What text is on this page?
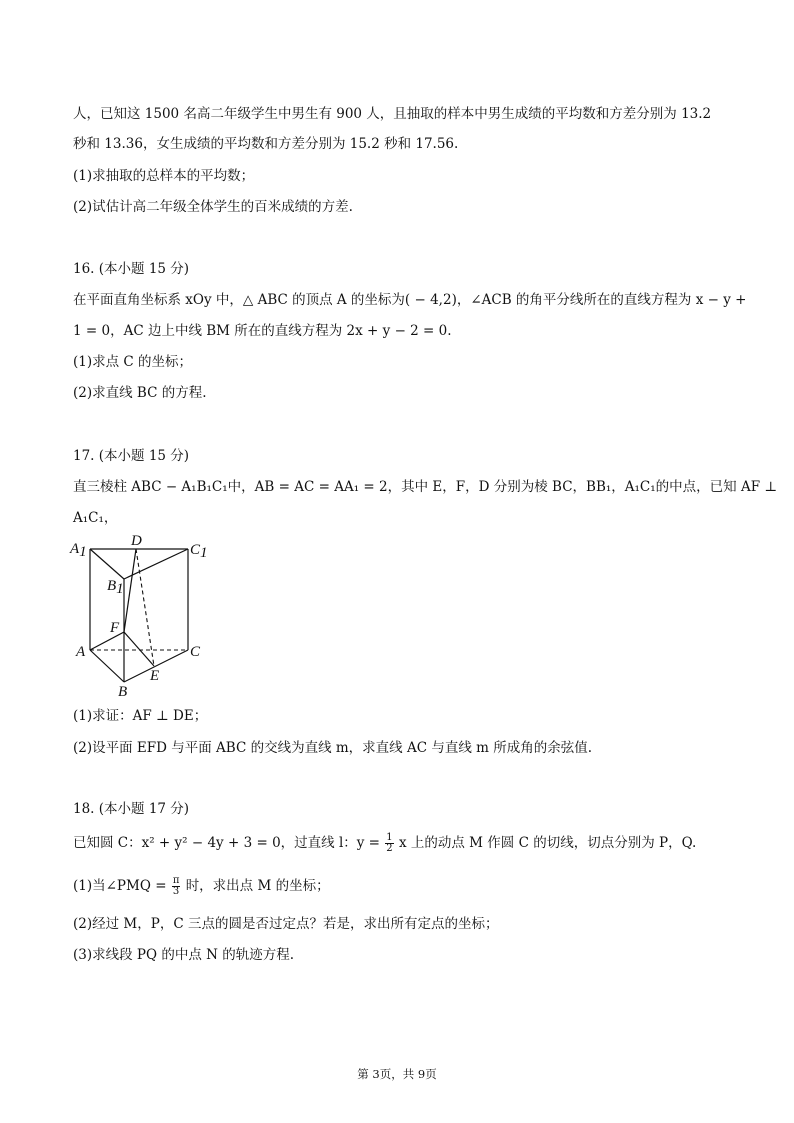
人，已知这 1500 名高二年级学生中男生有 900 人，且抽取的样本中男生成绩的平均数和方差分别为 13.2
秒和 13.36，女生成绩的平均数和方差分别为 15.2 秒和 17.56.
(1)求抽取的总样本的平均数；
(2)试估计高二年级全体学生的百米成绩的方差.
16. (本小题 15 分)
在平面直角坐标系 xOy 中，△ ABC 的顶点 A 的坐标为( − 4,2)，∠ACB 的角平分线所在的直线方程为 x − y +
1 = 0，AC 边上中线 BM 所在的直线方程为 2x + y − 2 = 0.
(1)求点 C 的坐标；
(2)求直线 BC 的方程.
17. (本小题 15 分)
直三棱柱 ABC − A₁B₁C₁中，AB = AC = AA₁ = 2，其中 E，F，D 分别为棱 BC，BB₁，A₁C₁的中点，已知 AF ⊥
A₁C₁，
A1
D
C1
B1
F
A	C
E
B
(1)求证：AF ⊥ DE；
(2)设平面 EFD 与平面 ABC 的交线为直线 m，求直线 AC 与直线 m 所成角的余弦值.
18. (本小题 17 分)
已知圆 C：x² + y² − 4y + 3 = 0，过直线 l：$y = \frac{1}{2}$ x 上的动点 M 作圆 C 的切线，切点分别为 P，Q.
(1)当∠PMQ = $\frac{\pi}{3}$ 时，求出点 M 的坐标；
(2)经过 M，P，C 三点的圆是否过定点？若是，求出所有定点的坐标；
(3)求线段 PQ 的中点 N 的轨迹方程.
第 3页，共 9页
